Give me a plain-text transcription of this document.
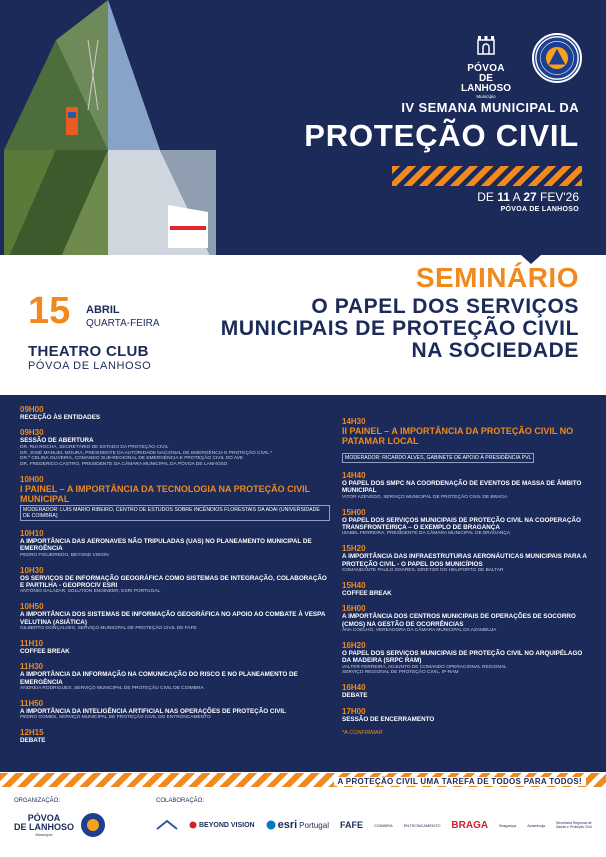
PÓVOA
DE LANHOSO
Município
IV SEMANA MUNICIPAL DA
PROTEÇÃO CIVIL
DE 11 A 27 FEV'26
PÓVOA DE LANHOSO
SEMINÁRIO
O PAPEL DOS SERVIÇOS MUNICIPAIS DE PROTEÇÃO CIVIL NA SOCIEDADE
15 ABRIL
QUARTA-FEIRA
THEATRO CLUB
PÓVOA DE LANHOSO
09H00
RECEÇÃO ÀS ENTIDADES
09H30
SESSÃO DE ABERTURA
DR. RUI ROCHA, SECRETÁRIO DE ESTADO DA PROTEÇÃO CIVIL
DR. JOSÉ MANUEL MOURA, PRESIDENTE DA AUTORIDADE NACIONAL DE EMERGÊNCIA E PROTEÇÃO CIVIL *
DR.ª CELINA OLIVEIRA, COMANDO SUB-REGIONAL DE EMERGÊNCIA E PROTEÇÃO CIVIL DO AVE
DR. FREDERICO CASTRO, PRESIDENTE DA CÂMARA MUNICIPAL DA PÓVOA DE LANHOSO
10H00
I PAINEL – A IMPORTÂNCIA DA TECNOLOGIA NA PROTEÇÃO CIVIL MUNICIPAL
MODERADOR: LUIS MARIO RIBEIRO, CENTRO DE ESTUDOS SOBRE INCÊNDIOS FLORESTAIS DA ADAI (UNIVERSIDADE DE COIMBRA)
10H10
A IMPORTÂNCIA DAS AERONAVES NÃO TRIPULADAS (UAS) NO PLANEAMENTO MUNICIPAL DE EMERGÊNCIA
PEDRO FIGUEIREDO, BEYOND VISION
10H30
OS SERVIÇOS DE INFORMAÇÃO GEOGRÁFICA COMO SISTEMAS DE INTEGRAÇÃO, COLABORAÇÃO E PARTILHA - GEOPROCIV ESRI
ANTÓNIO SALAZAR, SOLUTION ENGINEER, ESRI PORTUGAL
10H50
A IMPORTÂNCIA DOS SISTEMAS DE INFORMAÇÃO GEOGRÁFICA NO APOIO AO COMBATE À VESPA VELUTINA (ASIÁTICA)
GILBERTO GONÇALVES, SERVIÇO MUNICIPAL DE PROTEÇÃO CIVIL DE FAFE
11H10
COFFEE BREAK
11H30
A IMPORTÂNCIA DA INFORMAÇÃO NA COMUNICAÇÃO DO RISCO E NO PLANEAMENTO DE EMERGÊNCIA
ANDREIA RODRIGUES, SERVIÇO MUNICIPAL DE PROTEÇÃO CIVIL DE COIMBRA
11H50
A IMPORTÂNCIA DA INTELIGÊNCIA ARTIFICIAL NAS OPERAÇÕES DE PROTEÇÃO CIVIL
PEDRO GOMES, SERVIÇO MUNICIPAL DE PROTEÇÃO CIVIL DO ENTRONCAMENTO
12H15
DEBATE
14H30
II PAINEL – A IMPORTÂNCIA DA PROTEÇÃO CIVIL NO PATAMAR LOCAL
MODERADOR: RICARDO ALVES, GABINETE DE APOIO À PRESIDÊNCIA PVL
14H40
O PAPEL DOS SMPC NA COORDENAÇÃO DE EVENTOS DE MASSA DE ÂMBITO MUNICIPAL
VITOR AZEVEDO, SERVIÇO MUNICIPAL DE PROTEÇÃO CIVIL DE BRAGA
15H00
O PAPEL DOS SERVIÇOS MUNICIPAIS DE PROTEÇÃO CIVIL NA COOPERAÇÃO TRANSFRONTEIRIÇA – O EXEMPLO DE BRAGANÇA
ISABEL FERREIRA, PRESIDENTE DA CÂMARA MUNICIPAL DE BRAGANÇA
15H20
A IMPORTÂNCIA DAS INFRAESTRUTURAS AERONÁUTICAS MUNICIPAIS PARA A PROTEÇÃO CIVIL - O PAPEL DOS MUNICÍPIOS
COMANDANTE PAULO SOARES, DIRETOR DO HELIPORTO DE BALTAR
15H40
COFFEE BREAK
16H00
A IMPORTÂNCIA DOS CENTROS MUNICIPAIS DE OPERAÇÕES DE SOCORRO (CMOS) NA GESTÃO DE OCORRÊNCIAS
ANA COELHO, VEREADORA DA CÂMARA MUNICIPAL DA AZAMBUJA
16H20
O PAPEL DOS SERVIÇOS MUNICIPAIS DE PROTEÇÃO CIVIL NO ARQUIPÉLAGO DA MADEIRA (SRPC RAM)
VALTER FERREIRA, ADJUNTO DE COMANDO OPERACIONAL REGIONAL
SERVIÇO REGIONAL DE PROTEÇÃO CIVIL, IP-RAM
16H40
DEBATE
17H00
SESSÃO DE ENCERRAMENTO
*A CONFIRMAR
A PROTEÇÃO CIVIL UMA TAREFA DE TODOS PARA TODOS!
ORGANIZAÇÃO:	COLABORAÇÃO:
PÓVOA
DE LANHOSO
Município
BEYOND VISION esri Portugal FAFE	COIMBRA	ENTRONCAMENTO BRAGA	Bragança	Azambuja	Secretaria Regional de Saúde e Proteção Civil
